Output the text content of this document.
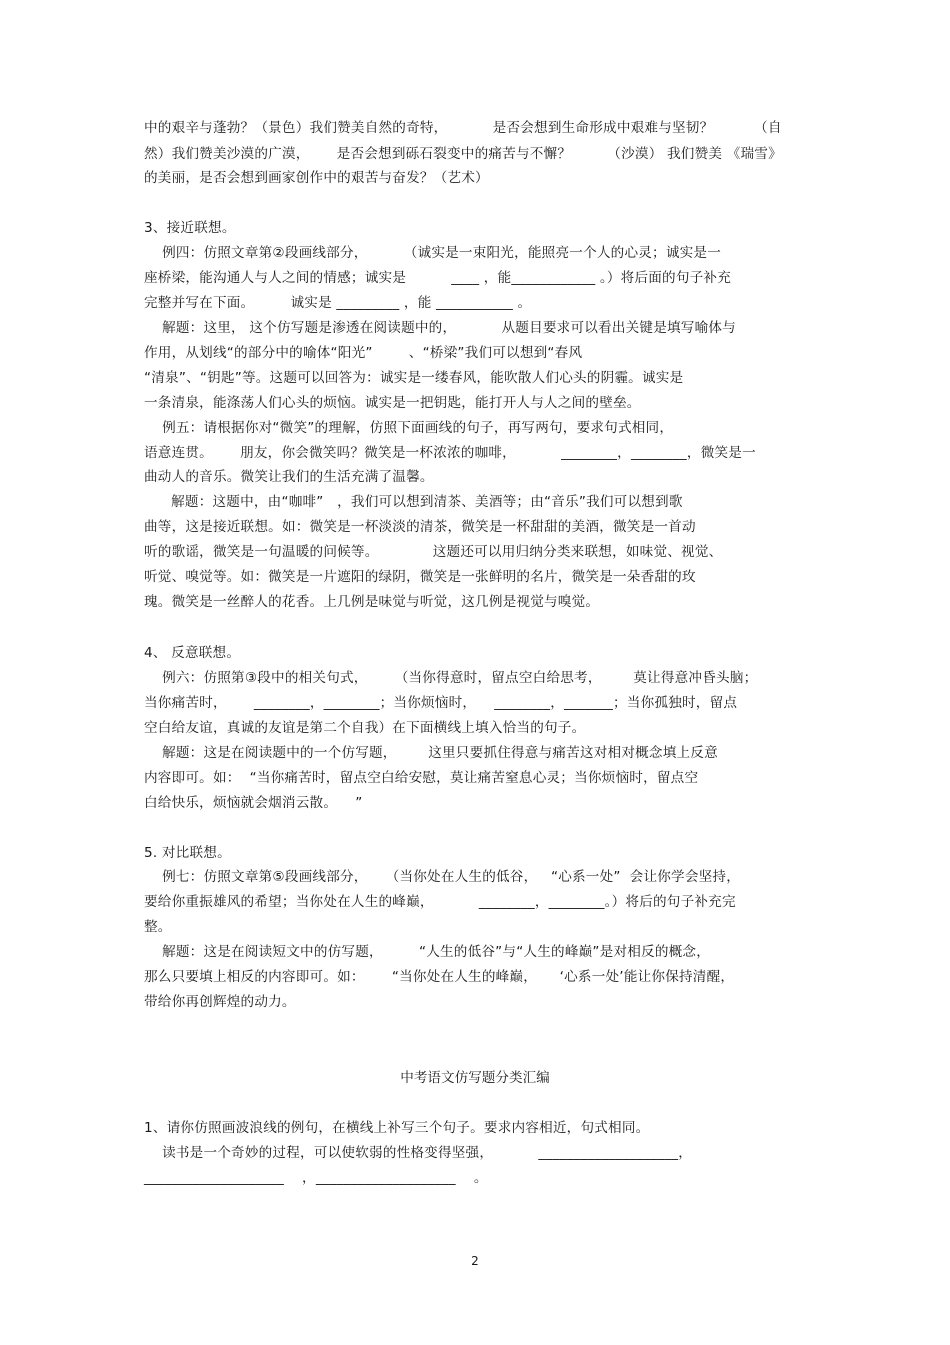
中的艰辛与蓬勃？（景色）我们赞美自然的奇特，          是否会想到生命形成中艰难与坚韧？         （自
然）我们赞美沙漠的广漠，      是否会想到砾石裂变中的痛苦与不懈？        （沙漠） 我们赞美 《瑞雪》
的美丽，是否会想到画家创作中的艰苦与奋发？（艺术）
3、接近联想。
例四：仿照文章第②段画线部分，        （诚实是一束阳光，能照亮一个人的心灵；诚实是一
座桥梁，能沟通人与人之间的情感；诚实是          ____ ，能____________ 。）将后面的句子补充
完整并写在下面。        诚实是 _________ ，能 ___________ 。
解题：这里， 这个仿写题是渗透在阅读题中的，          从题目要求可以看出关键是填写喻体与
作用，从划线“的部分中的喻体“阳光”        、“桥梁”我们可以想到“春风
“清泉”、“钥匙”等。这题可以回答为：诚实是一缕春风，能吹散人们心头的阴霾。诚实是
一条清泉，能涤荡人们心头的烦恼。诚实是一把钥匙，能打开人与人之间的壁垒。
例五：请根据你对“微笑”的理解，仿照下面画线的句子，再写两句，要求句式相同，
语意连贯。      朋友，你会微笑吗？微笑是一杯浓浓的咖啡，          ________，________，微笑是一
曲动人的音乐。微笑让我们的生活充满了温馨。
解题：这题中，由“咖啡”   ，我们可以想到清茶、美酒等；由“音乐”我们可以想到歌
曲等，这是接近联想。如：微笑是一杯淡淡的清茶，微笑是一杯甜甜的美酒，微笑是一首动
听的歌谣，微笑是一句温暖的问候等。            这题还可以用归纳分类来联想，如味觉、视觉、
听觉、嗅觉等。如：微笑是一片遮阳的绿阴，微笑是一张鲜明的名片，微笑是一朵香甜的玫
瑰。微笑是一丝醉人的花香。上几例是味觉与听觉，这几例是视觉与嗅觉。
4、 反意联想。
例六：仿照第③段中的相关句式，      （当你得意时，留点空白给思考，       莫让得意冲昏头脑；
当你痛苦时，      ________，________；当你烦恼时，    ________，_______；当你孤独时，留点
空白给友谊，真诚的友谊是第二个自我）在下面横线上填入恰当的句子。
解题：这是在阅读题中的一个仿写题，       这里只要抓住得意与痛苦这对相对概念填上反意
内容即可。如：  “当你痛苦时，留点空白给安慰，莫让痛苦窒息心灵；当你烦恼时，留点空
白给快乐，烦恼就会烟消云散。    ”
5. 对比联想。
例七：仿照文章第⑤段画线部分，    （当你处在人生的低谷，   “心系一处”  会让你学会坚持，
要给你重振雄风的希望；当你处在人生的峰巅，          ________，________。）将后的句子补充完
整。
解题：这是在阅读短文中的仿写题，        “人生的低谷”与“人生的峰巅”是对相反的概念，
那么只要填上相反的内容即可。如：      “当你处在人生的峰巅，     ‘心系一处’能让你保持清醒，
带给你再创辉煌的动力。
中考语文仿写题分类汇编
1、请你仿照画波浪线的例句，在横线上补写三个句子。要求内容相近，句式相同。
读书是一个奇妙的过程，可以使软弱的性格变得坚强，          ____________________，
____________________    ，____________________    。
2
